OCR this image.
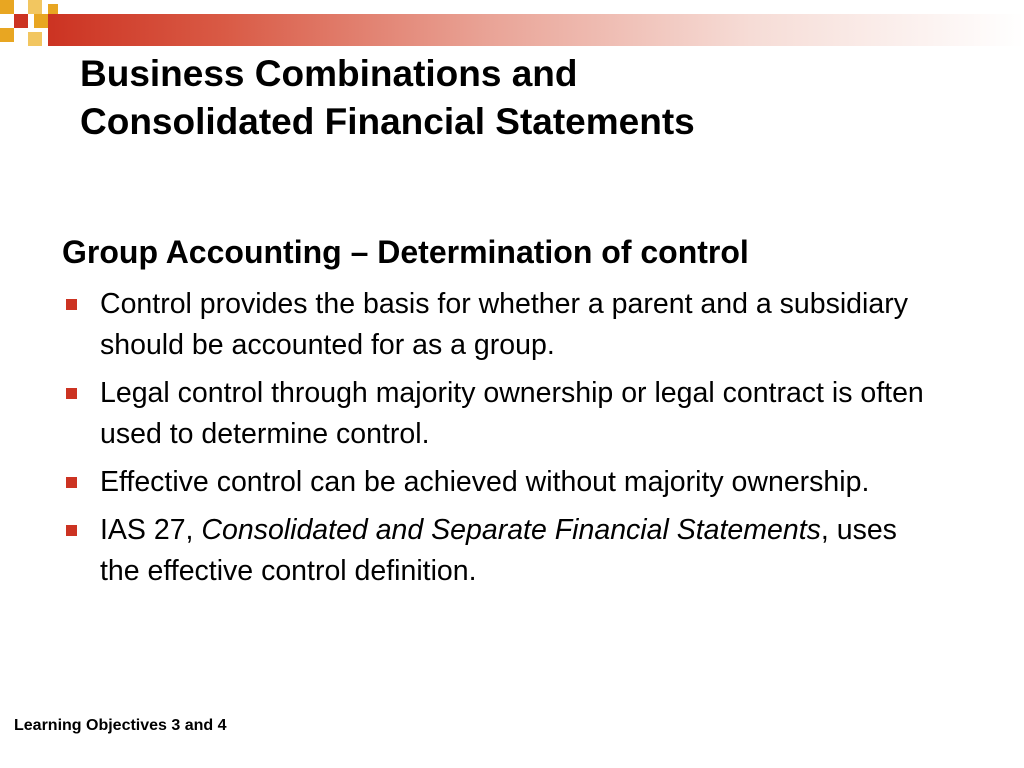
Business Combinations and
Consolidated Financial Statements
Group Accounting – Determination of control
Control provides the basis for whether a parent and a subsidiary should be accounted for as a group.
Legal control through majority ownership or legal contract is often used to determine control.
Effective control can be achieved without majority ownership.
IAS 27, Consolidated and Separate Financial Statements, uses the effective control definition.
Learning Objectives 3 and 4
